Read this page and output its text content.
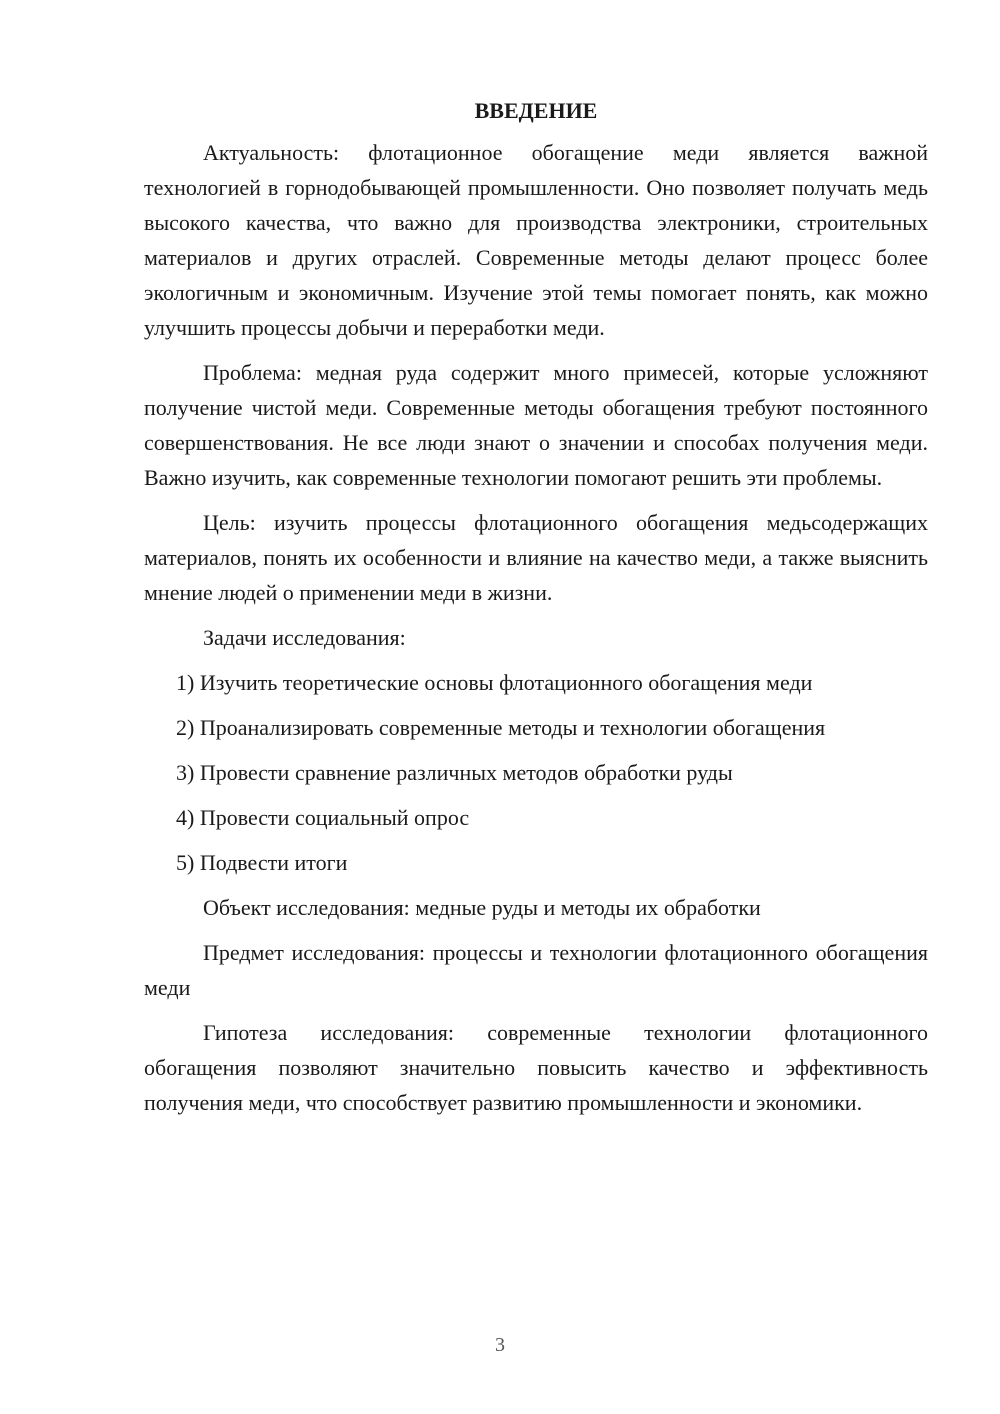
ВВЕДЕНИЕ

Актуальность: флотационное обогащение меди является важной технологией в горнодобывающей промышленности. Оно позволяет получать медь высокого качества, что важно для производства электроники, строительных материалов и других отраслей. Современные методы делают процесс более экологичным и экономичным. Изучение этой темы помогает понять, как можно улучшить процессы добычи и переработки меди.

Проблема: медная руда содержит много примесей, которые усложняют получение чистой меди. Современные методы обогащения требуют постоянного совершенствования. Не все люди знают о значении и способах получения меди. Важно изучить, как современные технологии помогают решить эти проблемы.

Цель: изучить процессы флотационного обогащения медьсодержащих материалов, понять их особенности и влияние на качество меди, а также выяснить мнение людей о применении меди в жизни.

Задачи исследования:

1) Изучить теоретические основы флотационного обогащения меди
2) Проанализировать современные методы и технологии обогащения
3) Провести сравнение различных методов обработки руды
4) Провести социальный опрос
5) Подвести итоги

Объект исследования: медные руды и методы их обработки

Предмет исследования: процессы и технологии флотационного обогащения меди

Гипотеза исследования: современные технологии флотационного обогащения позволяют значительно повысить качество и эффективность получения меди, что способствует развитию промышленности и экономики.

3
